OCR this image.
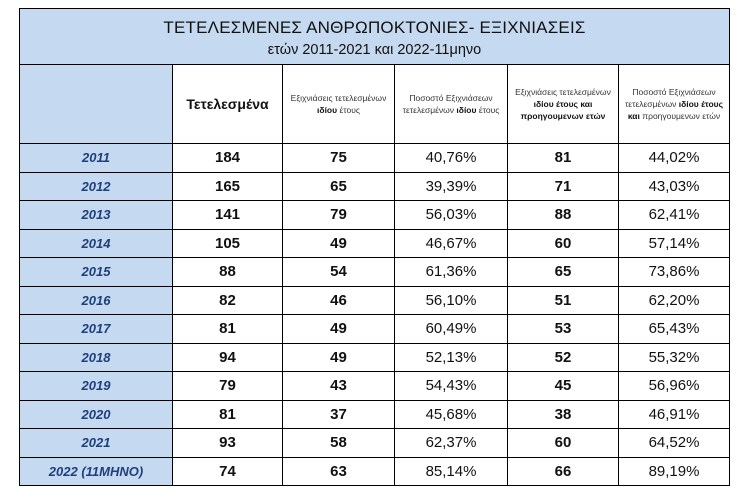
ΤΕΤΕΛΕΣΜΕΝΕΣ ΑΝΘΡΩΠΟΚΤΟΝΙΕΣ- ΕΞΙΧΝΙΑΣΕΙΣ
ετών 2011-2021 και 2022-11μηνο					

	Τετελεσμένα	Εξιχνιάσεις τετελεσμένων ιδίου έτους	Ποσοστό Εξιχνιάσεων τετελεσμένων ιδίου έτους	Εξιχνιάσεις τετελεσμένων ιδίου έτους και προηγουμενων ετών	Ποσοστό Εξιχνιάσεων τετελεσμένων ιδίου έτους και προηγουμενων ετών
2011	184	75	40,76%	81	44,02%
2012	165	65	39,39%	71	43,03%
2013	141	79	56,03%	88	62,41%
2014	105	49	46,67%	60	57,14%
2015	88	54	61,36%	65	73,86%
2016	82	46	56,10%	51	62,20%
2017	81	49	60,49%	53	65,43%
2018	94	49	52,13%	52	55,32%
2019	79	43	54,43%	45	56,96%
2020	81	37	45,68%	38	46,91%
2021	93	58	62,37%	60	64,52%
2022 (11ΜΗΝΟ)	74	63	85,14%	66	89,19%
